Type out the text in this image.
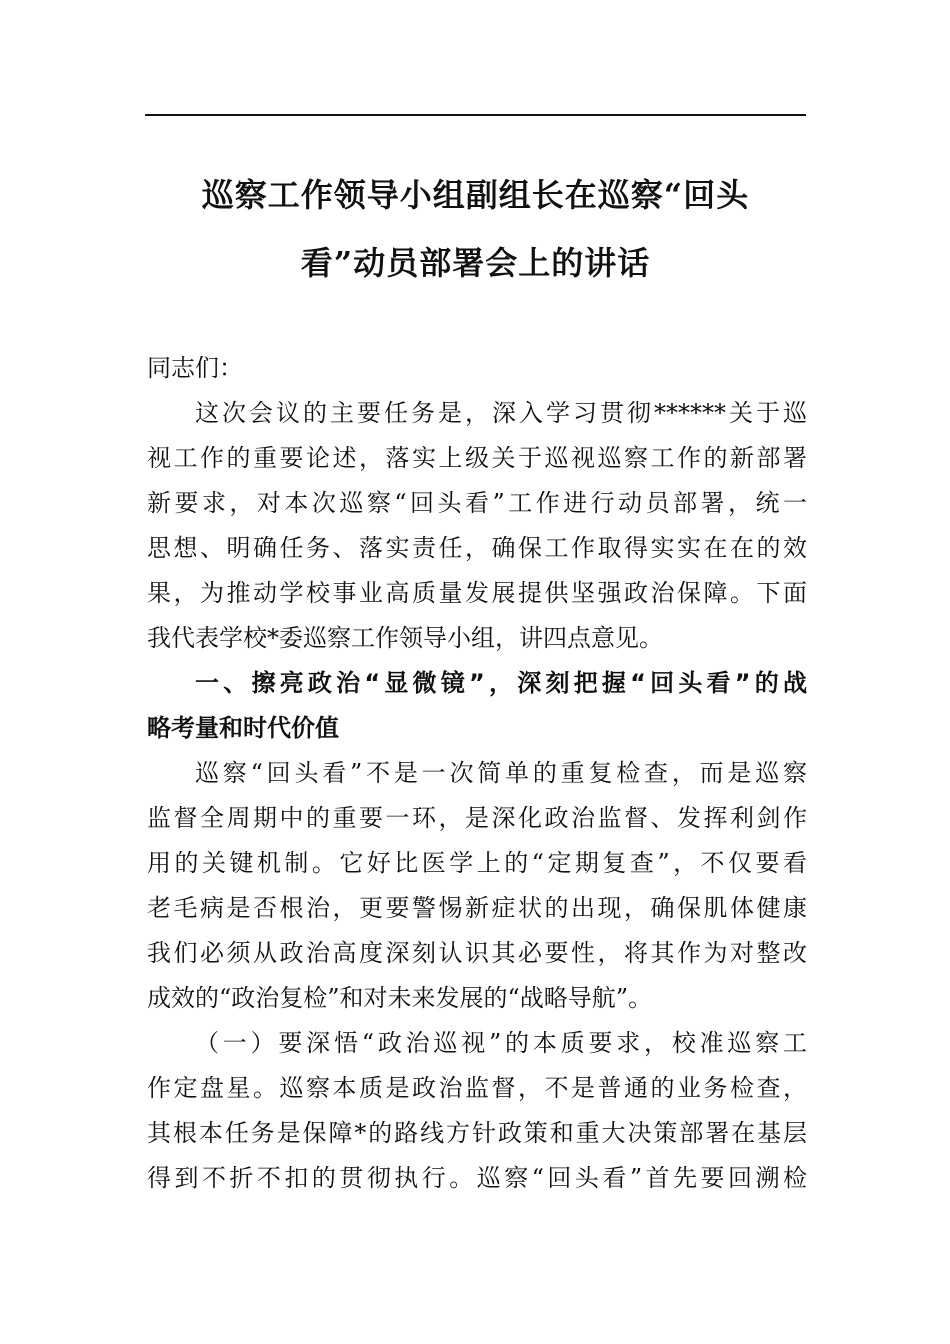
巡察工作领导小组副组长在巡察“回头
看”动员部署会上的讲话
同志们：
这次会议的主要任务是，深入学习贯彻******关于巡
视工作的重要论述，落实上级关于巡视巡察工作的新部署
新要求，对本次巡察“回头看”工作进行动员部署，统一
思想、明确任务、落实责任，确保工作取得实实在在的效
果，为推动学校事业高质量发展提供坚强政治保障。下面
我代表学校*委巡察工作领导小组，讲四点意见。
一、擦亮政治“显微镜”，深刻把握“回头看”的战
略考量和时代价值
巡察“回头看”不是一次简单的重复检查，而是巡察
监督全周期中的重要一环，是深化政治监督、发挥利剑作
用的关键机制。它好比医学上的“定期复查”，不仅要看
老毛病是否根治，更要警惕新症状的出现，确保肌体健康
我们必须从政治高度深刻认识其必要性，将其作为对整改
成效的“政治复检”和对未来发展的“战略导航”。
（一）要深悟“政治巡视”的本质要求，校准巡察工
作定盘星。巡察本质是政治监督，不是普通的业务检查，
其根本任务是保障*的路线方针政策和重大决策部署在基层
得到不折不扣的贯彻执行。巡察“回头看”首先要回溯检
